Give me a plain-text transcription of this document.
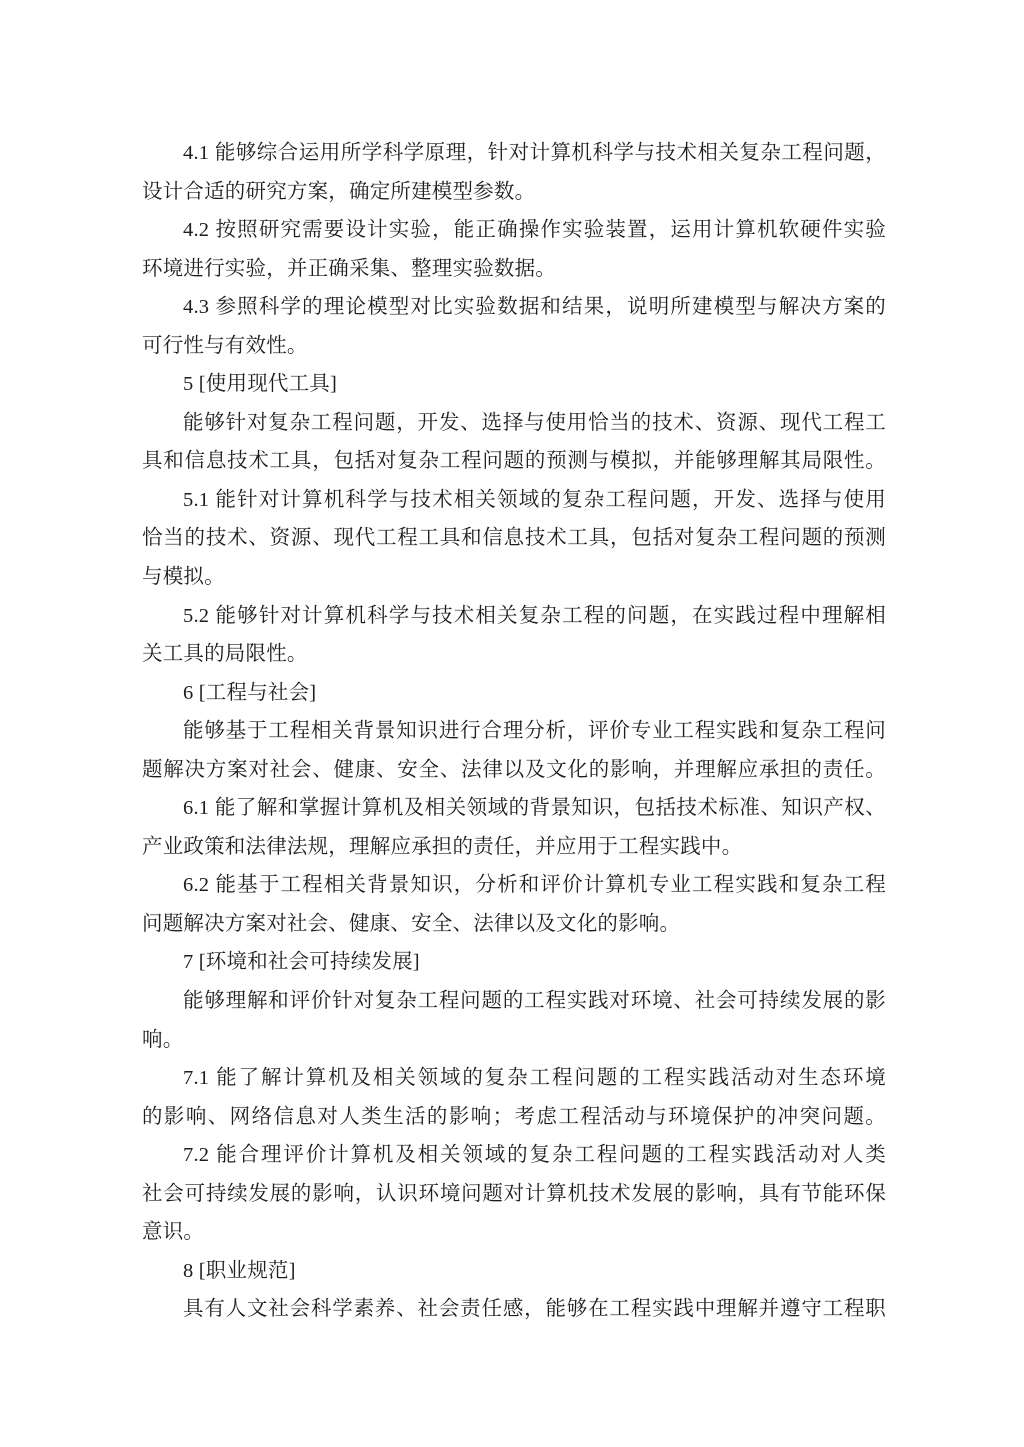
4.1 能够综合运用所学科学原理，针对计算机科学与技术相关复杂工程问题，
设计合适的研究方案，确定所建模型参数。

4.2 按照研究需要设计实验，能正确操作实验装置，运用计算机软硬件实验
环境进行实验，并正确采集、整理实验数据。

4.3 参照科学的理论模型对比实验数据和结果，说明所建模型与解决方案的
可行性与有效性。

5 [使用现代工具]

能够针对复杂工程问题，开发、选择与使用恰当的技术、资源、现代工程工
具和信息技术工具，包括对复杂工程问题的预测与模拟，并能够理解其局限性。

5.1 能针对计算机科学与技术相关领域的复杂工程问题，开发、选择与使用
恰当的技术、资源、现代工程工具和信息技术工具，包括对复杂工程问题的预测
与模拟。

5.2 能够针对计算机科学与技术相关复杂工程的问题，在实践过程中理解相
关工具的局限性。

6 [工程与社会]

能够基于工程相关背景知识进行合理分析，评价专业工程实践和复杂工程问
题解决方案对社会、健康、安全、法律以及文化的影响，并理解应承担的责任。

6.1 能了解和掌握计算机及相关领域的背景知识，包括技术标准、知识产权、
产业政策和法律法规，理解应承担的责任，并应用于工程实践中。

6.2 能基于工程相关背景知识，分析和评价计算机专业工程实践和复杂工程
问题解决方案对社会、健康、安全、法律以及文化的影响。

7 [环境和社会可持续发展]

能够理解和评价针对复杂工程问题的工程实践对环境、社会可持续发展的影
响。

7.1 能了解计算机及相关领域的复杂工程问题的工程实践活动对生态环境
的影响、网络信息对人类生活的影响；考虑工程活动与环境保护的冲突问题。

7.2 能合理评价计算机及相关领域的复杂工程问题的工程实践活动对人类
社会可持续发展的影响，认识环境问题对计算机技术发展的影响，具有节能环保
意识。

8 [职业规范]

具有人文社会科学素养、社会责任感，能够在工程实践中理解并遵守工程职
